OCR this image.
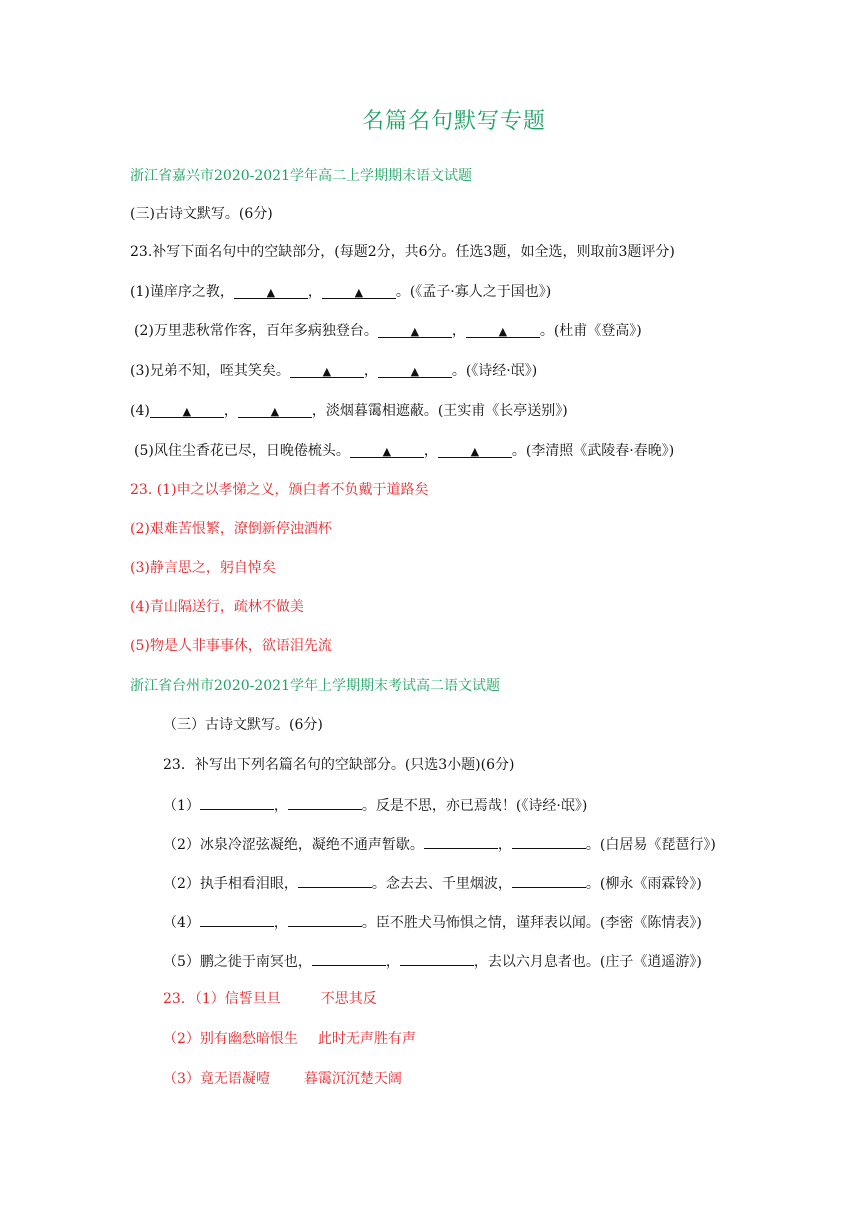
名篇名句默写专题
浙江省嘉兴市2020-2021学年高二上学期期末语文试题
(三)古诗文默写。(6分)
23.补写下面名句中的空缺部分，(每题2分，共6分。任选3题，如全选，则取前3题评分)
(1)谨庠序之教，	▲ ，	▲ 。(《孟子·寡人之于国也》)
(2)万里悲秋常作客，百年多病独登台。	▲ ，	▲ 。(杜甫《登高》)
(3)兄弟不知，咥其笑矣。	▲ ，	▲ 。(《诗经·氓》)
(4)	▲ ，	▲ ，淡烟暮霭相遮蔽。(王实甫《长亭送别》)
(5)风住尘香花已尽，日晚倦梳头。	▲ ，	▲ 。(李清照《武陵春·春晚》)
23. (1)申之以孝悌之义，颁白者不负戴于道路矣
(2)艰难苦恨繁，潦倒新停浊酒杯
(3)静言思之，躬自悼矣
(4)青山隔送行，疏林不做美
(5)物是人非事事休，欲语泪先流
浙江省台州市2020-2021学年上学期期末考试高二语文试题
（三）古诗文默写。(6分)
23．补写出下列名篇名句的空缺部分。(只选3小题)(6分)
（1）	，	。反是不思，亦已焉哉！(《诗经·氓》)
（2）冰泉冷涩弦凝绝，凝绝不通声暂歇。	，	。(白居易《琵琶行》)
（2）执手相看泪眼，	。念去去、千里烟波，	。(柳永《雨霖铃》)
（4）	，	。臣不胜犬马怖惧之情，谨拜表以闻。(李密《陈情表》)
（5）鹏之徙于南冥也，	，	，去以六月息者也。(庄子《逍遥游》)
23．（1）信誓旦旦	不思其反
（2）别有幽愁暗恨生 此时无声胜有声
（3）竟无语凝噎 暮霭沉沉楚天阔
